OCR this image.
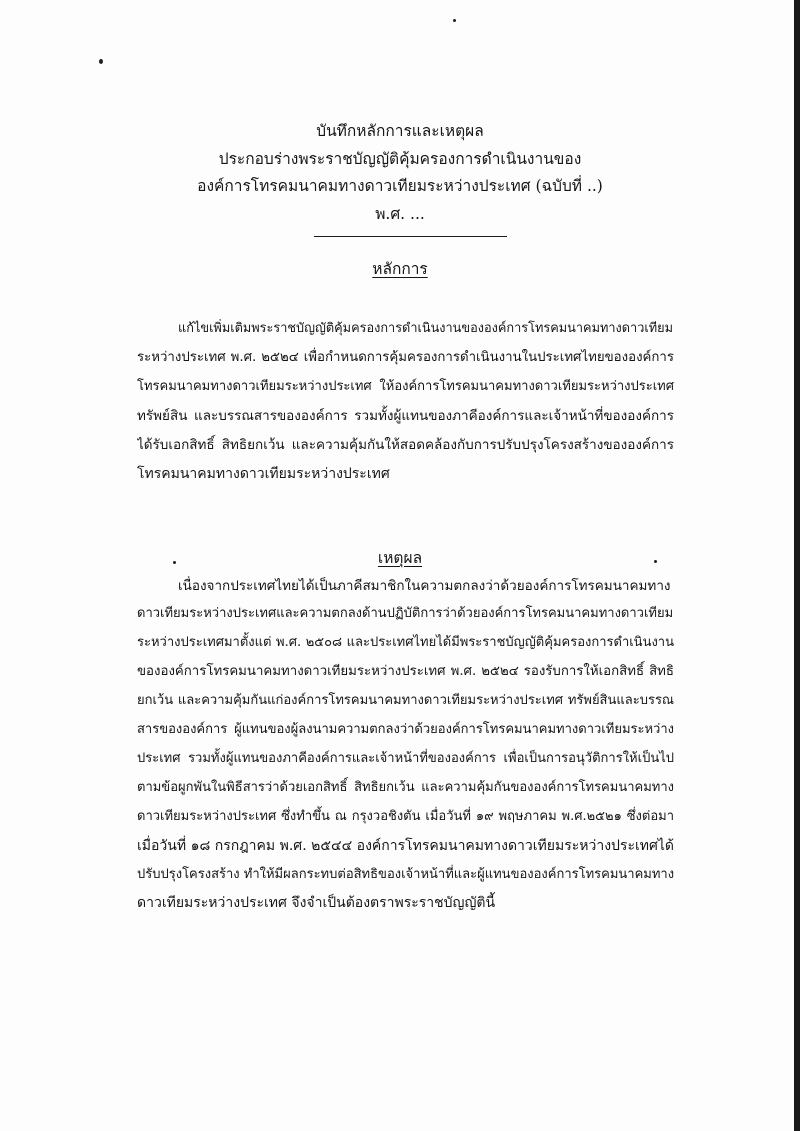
บันทึกหลักการและเหตุผล
ประกอบร่างพระราชบัญญัติคุ้มครองการดำเนินงานของ
องค์การโทรคมนาคมทางดาวเทียมระหว่างประเทศ (ฉบับที่ ..)
พ.ศ. ...
หลักการ
แก้ไขเพิ่มเติมพระราชบัญญัติคุ้มครองการดำเนินงานขององค์การโทรคมนาคมทางดาวเทียม
ระหว่างประเทศ พ.ศ. ๒๕๒๔ เพื่อกำหนดการคุ้มครองการดำเนินงานในประเทศไทยขององค์การ
โทรคมนาคมทางดาวเทียมระหว่างประเทศ ให้องค์การโทรคมนาคมทางดาวเทียมระหว่างประเทศ
ทรัพย์สิน และบรรณสารขององค์การ รวมทั้งผู้แทนของภาคีองค์การและเจ้าหน้าที่ขององค์การ
ได้รับเอกสิทธิ์ สิทธิยกเว้น และความคุ้มกันให้สอดคล้องกับการปรับปรุงโครงสร้างขององค์การ
โทรคมนาคมทางดาวเทียมระหว่างประเทศ
เหตุผล
เนื่องจากประเทศไทยได้เป็นภาคีสมาชิกในความตกลงว่าด้วยองค์การโทรคมนาคมทาง
ดาวเทียมระหว่างประเทศและความตกลงด้านปฏิบัติการว่าด้วยองค์การโทรคมนาคมทางดาวเทียม
ระหว่างประเทศมาตั้งแต่ พ.ศ. ๒๕๐๘ และประเทศไทยได้มีพระราชบัญญัติคุ้มครองการดำเนินงาน
ขององค์การโทรคมนาคมทางดาวเทียมระหว่างประเทศ พ.ศ. ๒๕๒๔ รองรับการให้เอกสิทธิ์ สิทธิ
ยกเว้น และความคุ้มกันแก่องค์การโทรคมนาคมทางดาวเทียมระหว่างประเทศ ทรัพย์สินและบรรณ
สารขององค์การ ผู้แทนของผู้ลงนามความตกลงว่าด้วยองค์การโทรคมนาคมทางดาวเทียมระหว่าง
ประเทศ รวมทั้งผู้แทนของภาคีองค์การและเจ้าหน้าที่ขององค์การ เพื่อเป็นการอนุวัติการให้เป็นไป
ตามข้อผูกพันในพิธีสารว่าด้วยเอกสิทธิ์ สิทธิยกเว้น และความคุ้มกันขององค์การโทรคมนาคมทาง
ดาวเทียมระหว่างประเทศ ซึ่งทำขึ้น ณ กรุงวอชิงตัน เมื่อวันที่ ๑๙ พฤษภาคม พ.ศ.๒๕๒๑ ซึ่งต่อมา
เมื่อวันที่ ๑๘ กรกฎาคม พ.ศ. ๒๕๔๔ องค์การโทรคมนาคมทางดาวเทียมระหว่างประเทศได้
ปรับปรุงโครงสร้าง ทำให้มีผลกระทบต่อสิทธิของเจ้าหน้าที่และผู้แทนขององค์การโทรคมนาคมทาง
ดาวเทียมระหว่างประเทศ จึงจำเป็นต้องตราพระราชบัญญัตินี้
